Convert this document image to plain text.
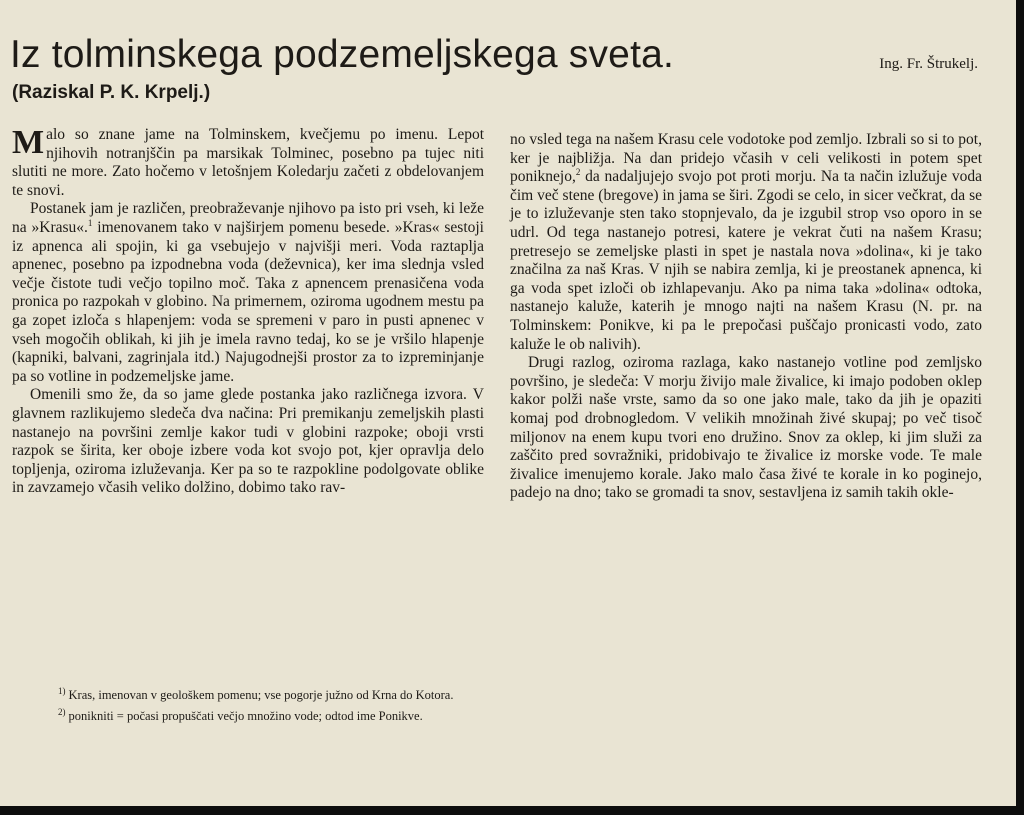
Iz tolminskega podzemeljskega sveta.
(Raziskal P. K. Krpelj.)
Ing. Fr. Štrukelj.

Malo so znane jame na Tolminskem, kvečjemu po imenu. Lepot njihovih notranjščin pa marsikak Tolminec, posebno pa tujec niti slutiti ne more. Zato hočemo v letošnjem Koledarju začeti z obdelovanjem te snovi.

Postanek jam je različen, preobraževanje njihovo pa isto pri vseh, ki leže na »Krasu«.$^1$ imenovanem tako v najširjem pomenu besede. »Kras« sestoji iz apnenca ali spojin, ki ga vsebujejo v najvišji meri. Voda raztaplja apnenec, posebno pa izpodnebna voda (deževnica), ker ima slednja vsled večje čistote tudi večjo topilno moč. Taka z apnencem prenasičena voda pronica po razpokah v globino. Na primernem, oziroma ugodnem mestu pa ga zopet izloča s hlapenjem: voda se spremeni v paro in pusti apnenec v vseh mogočih oblikah, ki jih je imela ravno tedaj, ko se je vršilo hlapenje (kapniki, balvani, zagrinjala itd.) Najugodnejši prostor za to izpreminjanje pa so votline in podzemeljske jame.

Omenili smo že, da so jame glede postanka jako različnega izvora. V glavnem razlikujemo sledeča dva načina: Pri premikanju zemeljskih plasti nastanejo na površini zemlje kakor tudi v globini razpoke; oboji vrsti razpok se širita, ker oboje izbere voda kot svojo pot, kjer opravlja delo topljenja, oziroma izluževanja. Ker pa so te razpokline podolgovate oblike in zavzamejo včasih veliko dolžino, dobimo tako rav-

no vsled tega na našem Krasu cele vodotoke pod zemljo. Izbrali so si to pot, ker je najbližja. Na dan pridejo včasih v celi velikosti in potem spet poniknejo,$^2$ da nadaljujejo svojo pot proti morju. Na ta način izlužuje voda čim več stene (bregove) in jama se širi. Zgodi se celo, in sicer večkrat, da se je to izluževanje sten tako stopnjevalo, da je izgubil strop vso oporo in se udrl. Od tega nastanejo potresi, katere je vekrat čuti na našem Krasu; pretresejo se zemeljske plasti in spet je nastala nova »dolina«, ki je tako značilna za naš Kras. V njih se nabira zemlja, ki je preostanek apnenca, ki ga voda spet izloči ob izhlapevanju. Ako pa nima taka »dolina« odtoka, nastanejo kaluže, katerih je mnogo najti na našem Krasu (N. pr. na Tolminskem: Ponikve, ki pa le prepočasi puščajo pronicasti vodo, zato kaluže le ob nalivih).

Drugi razlog, oziroma razlaga, kako nastanejo votline pod zemljsko površino, je sledeča: V morju živijo male živalice, ki imajo podoben oklep kakor polži naše vrste, samo da so one jako male, tako da jih je opaziti komaj pod drobnogledom. V velikih množinah živé skupaj; po več tisoč miljonov na enem kupu tvori eno družino. Snov za oklep, ki jim služi za zaščito pred sovražniki, pridobivajo te živalice iz morske vode. Te male živalice imenujemo korale. Jako malo časa živé te korale in ko poginejo, padejo na dno; tako se gromadi ta snov, sestavljena iz samih takih okle-

$^{1)}$ Kras, imenovan v geološkem pomenu; vse pogorje južno od Krna do Kotora.
$^{2)}$ ponikniti = počasi propuščati večjo množino vode; odtod ime Ponikve.
